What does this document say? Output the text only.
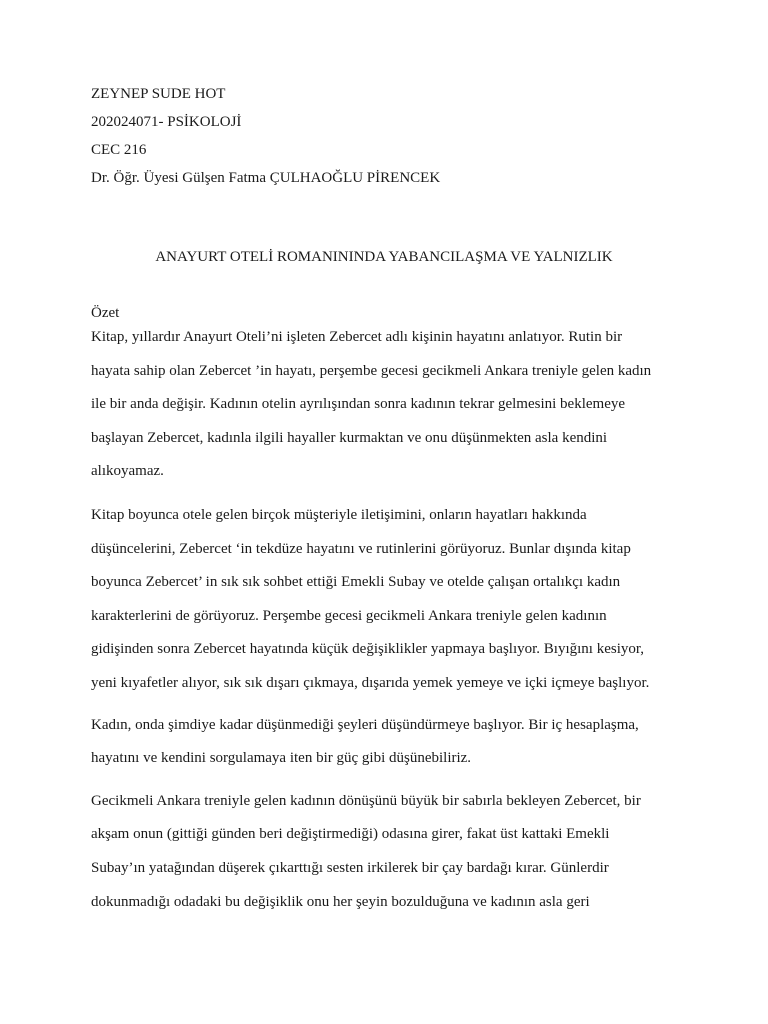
ZEYNEP SUDE HOT
202024071- PSİKOLOJİ
CEC 216
Dr. Öğr. Üyesi Gülşen Fatma ÇULHAOĞLU PİRENCEK
ANAYURT OTELİ ROMANININDA YABANCILAŞMA VE YALNIZLIK
Özet
Kitap, yıllardır Anayurt Oteli’ni işleten Zebercet adlı kişinin hayatını anlatıyor. Rutin bir
hayata sahip olan Zebercet ’in hayatı, perşembe gecesi gecikmeli Ankara treniyle gelen kadın
ile bir anda değişir. Kadının otelin ayrılışından sonra kadının tekrar gelmesini beklemeye
başlayan Zebercet, kadınla ilgili hayaller kurmaktan ve onu düşünmekten asla kendini
alıkoyamaz.
Kitap boyunca otele gelen birçok müşteriyle iletişimini, onların hayatları hakkında
düşüncelerini, Zebercet ‘in tekdüze hayatını ve rutinlerini görüyoruz. Bunlar dışında kitap
boyunca Zebercet’ in sık sık sohbet ettiği Emekli Subay ve otelde çalışan ortalıkçı kadın
karakterlerini de görüyoruz. Perşembe gecesi gecikmeli Ankara treniyle gelen kadının
gidişinden sonra Zebercet hayatında küçük değişiklikler yapmaya başlıyor. Bıyığını kesiyor,
yeni kıyafetler alıyor, sık sık dışarı çıkmaya, dışarıda yemek yemeye ve içki içmeye başlıyor.
Kadın, onda şimdiye kadar düşünmediği şeyleri düşündürmeye başlıyor. Bir iç hesaplaşma,
hayatını ve kendini sorgulamaya iten bir güç gibi düşünebiliriz.
Gecikmeli Ankara treniyle gelen kadının dönüşünü büyük bir sabırla bekleyen Zebercet, bir
akşam onun (gittiği günden beri değiştirmediği) odasına girer, fakat üst kattaki Emekli
Subay’ın yatağından düşerek çıkarttığı sesten irkilerek bir çay bardağı kırar. Günlerdir
dokunmadığı odadaki bu değişiklik onu her şeyin bozulduğuna ve kadının asla geri
